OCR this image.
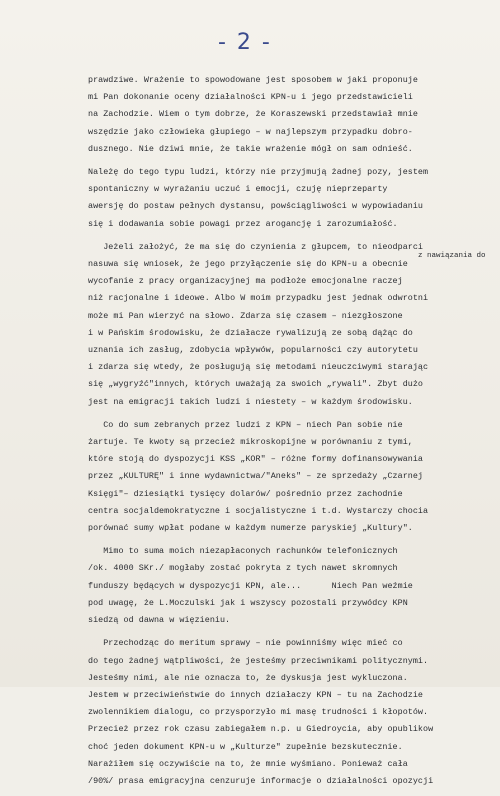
- 2 -
z nawiązania do
prawdziwe. Wrażenie to spowodowane jest sposobem w jaki proponuje
mi Pan dokonanie oceny działalności KPN-u i jego przedstawicieli
na Zachodzie. Wiem o tym dobrze, że Koraszewski przedstawiał mnie
wszędzie jako człowieka głupiego – w najlepszym przypadku dobro-
dusznego. Nie dziwi mnie, że takie wrażenie mógł on sam odnieść.
Należę do tego typu ludzi, którzy nie przyjmują żadnej pozy, jestem
spontaniczny w wyrażaniu uczuć i emocji, czuję nieprzeparty
awersję do postaw pełnych dystansu, powściągliwości w wypowiadaniu
się i dodawania sobie powagi przez arogancję i zarozumiałość.
Jeżeli założyć, że ma się do czynienia z głupcem, to nieodparci
nasuwa się wniosek, że jego przyłączenie się do KPN-u a obecnie
wycofanie z pracy organizacyjnej ma podłoże emocjonalne raczej
niż racjonalne i ideowe. Albo W moim przypadku jest jednak odwrotni
może mi Pan wierzyć na słowo. Zdarza się czasem – niezgłoszone
i w Pańskim środowisku, że działacze rywalizują ze sobą dążąc do
uznania ich zasług, zdobycia wpływów, popularności czy autorytetu
i zdarza się wtedy, że posługują się metodami nieuczciwymi starając
się „wygryźć"innych, których uważają za swoich „rywali". Zbyt dużo
jest na emigracji takich ludzi i niestety – w każdym środowisku.
Co do sum zebranych przez ludzi z KPN – niech Pan sobie nie
żartuje. Te kwoty są przecież mikroskopijne w porównaniu z tymi,
które stoją do dyspozycji KSS „KOR" – różne formy dofinansowywania
przez „KULTURĘ" i inne wydawnictwa/"Aneks" – ze sprzedaży „Czarnej
Księgi"– dziesiątki tysięcy dolarów/ pośrednio przez zachodnie
centra socjaldemokratyczne i socjalistyczne i t.d. Wystarczy chocia
porównać sumy wpłat podane w każdym numerze paryskiej „Kultury".
Mimo to suma moich niezapłaconych rachunków telefonicznych
/ok. 4000 SKr./ mogłaby zostać pokryta z tych nawet skromnych
funduszy będących w dyspozycji KPN, ale...      Niech Pan weźmie
pod uwagę, że L.Moczulski jak i wszyscy pozostali przywódcy KPN
siedzą od dawna w więzieniu.
Przechodząc do meritum sprawy – nie powinniśmy więc mieć co
do tego żadnej wątpliwości, że jesteśmy przeciwnikami politycznymi.
Jesteśmy nimi, ale nie oznacza to, że dyskusja jest wykluczona.
Jestem w przeciwieństwie do innych działaczy KPN – tu na Zachodzie
zwolennikiem dialogu, co przysporzyło mi masę trudności i kłopotów.
Przecież przez rok czasu zabiegałem n.p. u Giedroycia, aby opublikow
choć jeden dokument KPN-u w „Kulturze" zupełnie bezskutecznie.
Narażiłem się oczywiście na to, że mnie wyśmiano. Ponieważ cała
/90%/ prasa emigracyjna cenzuruje informacje o działalności opozycji
